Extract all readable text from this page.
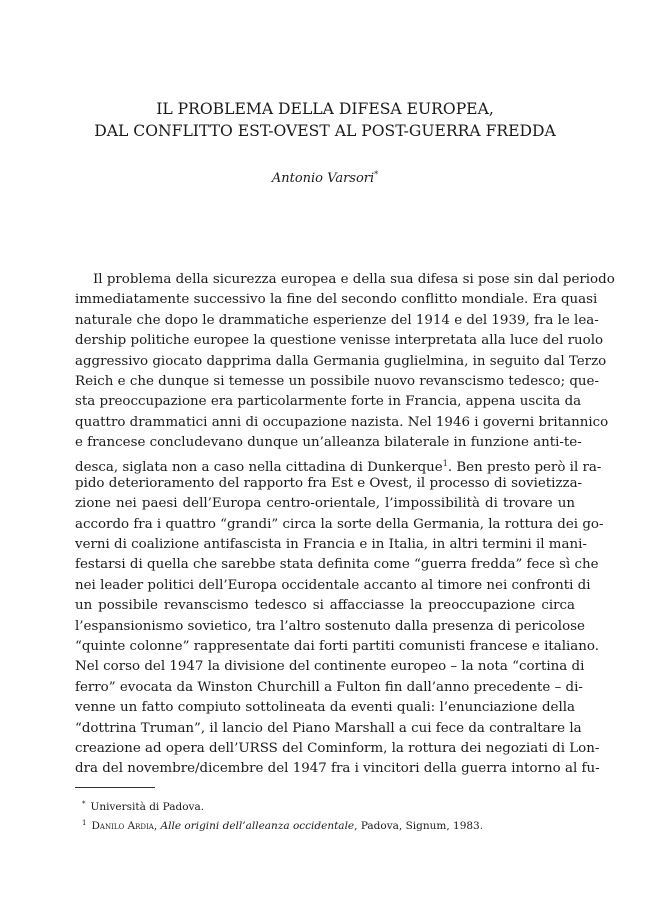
IL PROBLEMA DELLA DIFESA EUROPEA,
DAL CONFLITTO EST-OVEST AL POST-GUERRA FREDDA
Antonio Varsori*
Il problema della sicurezza europea e della sua difesa si pose sin dal periodo
immediatamente successivo la fine del secondo conflitto mondiale. Era quasi
naturale che dopo le drammatiche esperienze del 1914 e del 1939, fra le lea-
dership politiche europee la questione venisse interpretata alla luce del ruolo
aggressivo giocato dapprima dalla Germania guglielmina, in seguito dal Terzo
Reich e che dunque si temesse un possibile nuovo revanscismo tedesco; que-
sta preoccupazione era particolarmente forte in Francia, appena uscita da
quattro drammatici anni di occupazione nazista. Nel 1946 i governi britannico
e francese concludevano dunque un’alleanza bilaterale in funzione anti-te-
desca, siglata non a caso nella cittadina di Dunkerque$^1$. Ben presto però il ra-
pido deterioramento del rapporto fra Est e Ovest, il processo di sovietizza-
zione nei paesi dell’Europa centro-orientale, l’impossibilità di trovare un
accordo fra i quattro “grandi” circa la sorte della Germania, la rottura dei go-
verni di coalizione antifascista in Francia e in Italia, in altri termini il mani-
festarsi di quella che sarebbe stata definita come “guerra fredda” fece sì che
nei leader politici dell’Europa occidentale accanto al timore nei confronti di
un possibile revanscismo tedesco si affacciasse la preoccupazione circa
l’espansionismo sovietico, tra l’altro sostenuto dalla presenza di pericolose
“quinte colonne” rappresentate dai forti partiti comunisti francese e italiano.
Nel corso del 1947 la divisione del continente europeo – la nota “cortina di
ferro” evocata da Winston Churchill a Fulton fin dall’anno precedente – di-
venne un fatto compiuto sottolineata da eventi quali: l’enunciazione della
“dottrina Truman”, il lancio del Piano Marshall a cui fece da contraltare la
creazione ad opera dell’URSS del Cominform, la rottura dei negoziati di Lon-
dra del novembre/dicembre del 1947 fra i vincitori della guerra intorno al fu-
* Università di Padova.
$^1$ Danilo Ardia, Alle origini dell’alleanza occidentale, Padova, Signum, 1983.
